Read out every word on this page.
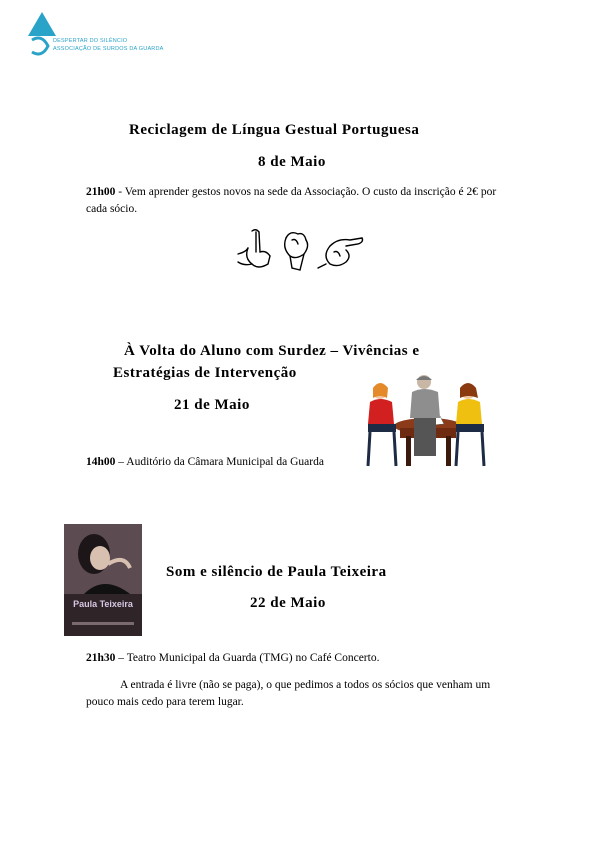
DESPERTAR DO SILÊNCIO
ASSOCIAÇÃO DE SURDOS DA GUARDA
Reciclagem de Língua Gestual Portuguesa
8 de Maio
21h00 - Vem aprender gestos novos na sede da Associação. O custo da inscrição é 2€ por cada sócio.
À Volta do Aluno com Surdez – Vivências e
Estratégias de Intervenção
21 de Maio
14h00 – Auditório da Câmara Municipal da Guarda
Paula Teixeira
Som e silêncio de Paula Teixeira
22 de Maio
21h30 – Teatro Municipal da Guarda (TMG) no Café Concerto.
A entrada é livre (não se paga), o que pedimos a todos os sócios que venham um pouco mais cedo para terem lugar.
